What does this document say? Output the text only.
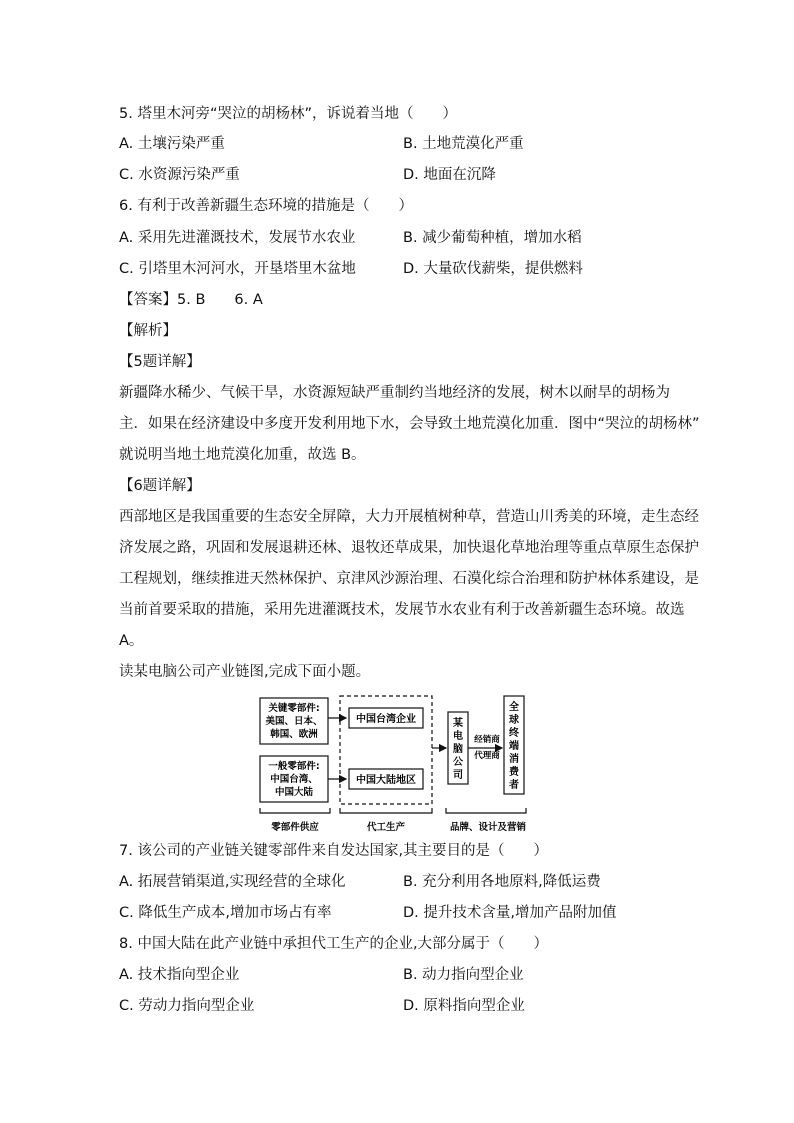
5. 塔里木河旁“哭泣的胡杨林”，诉说着当地（　　）
A. 土壤污染严重	B. 土地荒漠化严重
C. 水资源污染严重	D. 地面在沉降
6. 有利于改善新疆生态环境的措施是（　　）
A. 采用先进灌溉技术，发展节水农业	B. 减少葡萄种植，增加水稻
C. 引塔里木河河水，开垦塔里木盆地	D. 大量砍伐薪柴，提供燃料
【答案】5. B　　6. A
【解析】
【5题详解】
新疆降水稀少、气候干旱，水资源短缺严重制约当地经济的发展，树木以耐旱的胡杨为
主．如果在经济建设中多度开发利用地下水，会导致土地荒漠化加重．图中“哭泣的胡杨林”
就说明当地土地荒漠化加重，故选 B。
【6题详解】
西部地区是我国重要的生态安全屏障，大力开展植树种草，营造山川秀美的环境，走生态经
济发展之路，巩固和发展退耕还林、退牧还草成果，加快退化草地治理等重点草原生态保护
工程规划，继续推进天然林保护、京津风沙源治理、石漠化综合治理和防护林体系建设，是
当前首要采取的措施，采用先进灌溉技术，发展节水农业有利于改善新疆生态环境。故选
A。
读某电脑公司产业链图,完成下面小题。
关键零部件:
美国、日本、
韩国、欧洲
一般零部件:
中国台湾、
中国大陆
中国台湾企业
中国大陆地区
某
电
脑
公
司
经销商
代理商
全
球
终
端
消
费
者
零部件供应	代工生产	品牌、设计及营销
7. 该公司的产业链关键零部件来自发达国家,其主要目的是（　　）
A. 拓展营销渠道,实现经营的全球化	B. 充分利用各地原料,降低运费
C. 降低生产成本,增加市场占有率	D. 提升技术含量,增加产品附加值
8. 中国大陆在此产业链中承担代工生产的企业,大部分属于（　　）
A. 技术指向型企业	B. 动力指向型企业
C. 劳动力指向型企业	D. 原料指向型企业
